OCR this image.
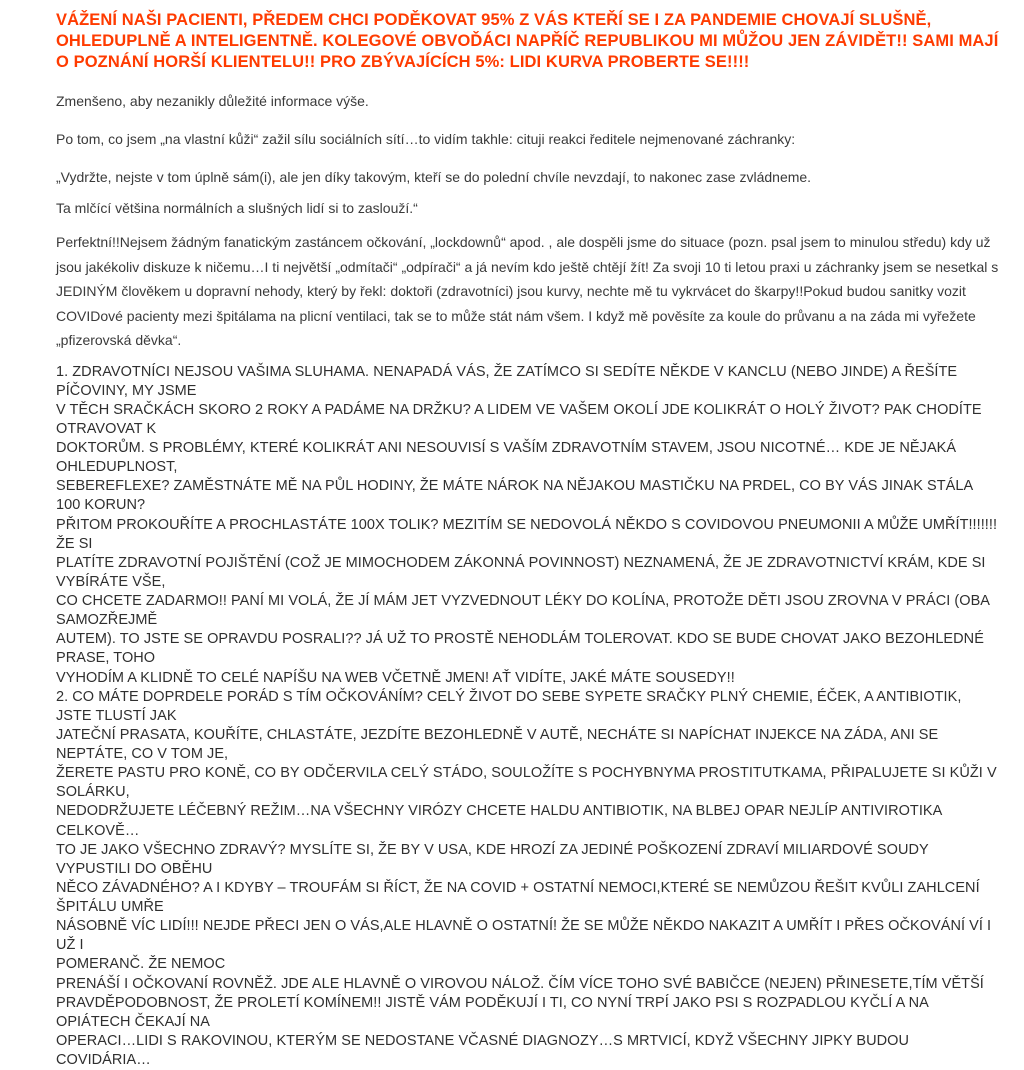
VÁŽENÍ NAŠI PACIENTI, PŘEDEM CHCI PODĚKOVAT 95% Z VÁS KTEŘÍ SE I ZA PANDEMIE CHOVAJÍ SLUŠNĚ, OHLEDUPLNĚ A INTELIGENTNĚ. KOLEGOVÉ OBVOĎÁCI NAPŘÍČ REPUBLIKOU MI MŮŽOU JEN ZÁVIDĚT!! SAMI MAJÍ O POZNÁNÍ HORŠÍ KLIENTELU!! PRO ZBÝVAJÍCÍCH 5%: LIDI KURVA PROBERTE SE!!!!

Zmenšeno, aby nezanikly důležité informace výše.

Po tom, co jsem „na vlastní kůži“ zažil sílu sociálních sítí…to vidím takhle: cituji reakci ředitele nejmenované záchranky:

„Vydržte, nejste v tom úplně sám(i), ale jen díky takovým, kteří se do polední chvíle nevzdají, to nakonec zase zvládneme.

Ta mlčící většina normálních a slušných lidí si to zaslouží.“

Perfektní!!Nejsem žádným fanatickým zastáncem očkování, „lockdownů“ apod. , ale dospěli jsme do situace (pozn. psal jsem to minulou středu) kdy už jsou jakékoliv diskuze k ničemu…I ti největší „odmítači“ „odpírači“ a já nevím kdo ještě chtějí žít! Za svoji 10 ti letou praxi u záchranky jsem se nesetkal s JEDINÝM člověkem u dopravní nehody, který by řekl: doktoři (zdravotníci) jsou kurvy, nechte mě tu vykrvácet do škarpy!!Pokud budou sanitky vozit COVIDové pacienty mezi špitálama na plicní ventilaci, tak se to může stát nám všem. I když mě pověsíte za koule do průvanu a na záda mi vyřežete „pfizerovská děvka“.

1. ZDRAVOTNÍCI NEJSOU VAŠIMA SLUHAMA. NENAPADÁ VÁS, ŽE ZATÍMCO SI SEDÍTE NĚKDE V KANCLU (NEBO JINDE) A ŘEŠÍTE PÍČOVINY, MY JSME

V TĚCH SRAČKÁCH SKORO 2 ROKY A PADÁME NA DRŽKU? A LIDEM VE VAŠEM OKOLÍ JDE KOLIKRÁT O HOLÝ ŽIVOT? PAK CHODÍTE OTRAVOVAT K

DOKTORŮM. S PROBLÉMY, KTERÉ KOLIKRÁT ANI NESOUVISÍ S VAŠÍM ZDRAVOTNÍM STAVEM, JSOU NICOTNÉ… KDE JE NĚJAKÁ OHLEDUPLNOST,

SEBEREFLEXE? ZAMĚSTNÁTE MĚ NA PŮL HODINY, ŽE MÁTE NÁROK NA NĚJAKOU MASTIČKU NA PRDEL, CO BY VÁS JINAK STÁLA 100 KORUN?

PŘITOM PROKOUŘÍTE A PROCHLASTÁTE 100X TOLIK? MEZITÍM SE NEDOVOLÁ NĚKDO S COVIDOVOU PNEUMONII A MŮŽE UMŘÍT!!!!!!! ŽE SI

PLATÍTE ZDRAVOTNÍ POJIŠTĚNÍ (COŽ JE MIMOCHODEM ZÁKONNÁ POVINNOST) NEZNAMENÁ, ŽE JE ZDRAVOTNICTVÍ KRÁM, KDE SI VYBÍRÁTE VŠE,

CO CHCETE ZADARMO!! PANÍ MI VOLÁ, ŽE JÍ MÁM JET VYZVEDNOUT LÉKY DO KOLÍNA, PROTOŽE DĚTI JSOU ZROVNA V PRÁCI (OBA SAMOZŘEJMĚ

AUTEM). TO JSTE SE OPRAVDU POSRALI?? JÁ UŽ TO PROSTĚ NEHODLÁM TOLEROVAT. KDO SE BUDE CHOVAT JAKO BEZOHLEDNÉ PRASE, TOHO

VYHODÍM A KLIDNĚ TO CELÉ NAPÍŠU NA WEB VČETNĚ JMEN! AŤ VIDÍTE, JAKÉ MÁTE SOUSEDY!!

2. CO MÁTE DOPRDELE PORÁD S TÍM OČKOVÁNÍM? CELÝ ŽIVOT DO SEBE SYPETE SRAČKY PLNÝ CHEMIE, ÉČEK, A ANTIBIOTIK, JSTE TLUSTÍ JAK

JATEČNÍ PRASATA, KOUŘÍTE, CHLASTÁTE, JEZDÍTE BEZOHLEDNĚ V AUTĚ, NECHÁTE SI NAPÍCHAT INJEKCE NA ZÁDA, ANI SE NEPTÁTE, CO V TOM JE,

ŽERETE PASTU PRO KONĚ, CO BY ODČERVILA CELÝ STÁDO, SOULOŽÍTE S POCHYBNYMA PROSTITUTKAMA, PŘIPALUJETE SI KŮŽI V SOLÁRKU,

NEDODRŽUJETE LÉČEBNÝ REŽIM…NA VŠECHNY VIRÓZY CHCETE HALDU ANTIBIOTIK, NA BLBEJ OPAR NEJLÍP ANTIVIROTIKA CELKOVĚ…

TO JE JAKO VŠECHNO ZDRAVÝ? MYSLÍTE SI, ŽE BY V USA, KDE HROZÍ ZA JEDINÉ POŠKOZENÍ ZDRAVÍ MILIARDOVÉ SOUDY VYPUSTILI DO OBĚHU

NĚCO ZÁVADNÉHO? A I KDYBY – TROUFÁM SI ŘÍCT, ŽE NA COVID + OSTATNÍ NEMOCI,KTERÉ SE NEMŮZOU ŘEŠIT KVŮLI ZAHLCENÍ ŠPITÁLU UMŘE

NÁSOBNĚ VÍC LIDÍ!!! NEJDE PŘECI JEN O VÁS,ALE HLAVNĚ O OSTATNÍ! ŽE SE MŮŽE NĚKDO NAKAZIT A UMŘÍT I PŘES OČKOVÁNÍ VÍ I UŽ I

POMERANČ. ŽE NEMOC

PRENÁŠÍ I OČKOVANÍ ROVNĚŽ. JDE ALE HLAVNĚ O VIROVOU NÁLOŽ. ČÍM VÍCE TOHO SVÉ BABIČCE (NEJEN) PŘINESETE,TÍM VĚTŠÍ

PRAVDĚPODOBNOST, ŽE PROLETÍ KOMÍNEM!! JISTĚ VÁM PODĚKUJÍ I TI, CO NYNÍ TRPÍ JAKO PSI S ROZPADLOU KYČLÍ A NA OPIÁTECH ČEKAJÍ NA

OPERACI…LIDI S RAKOVINOU, KTERÝM SE NEDOSTANE VČASNÉ DIAGNOZY…S MRTVICÍ, KDYŽ VŠECHNY JIPKY BUDOU COVIDÁRIA…
